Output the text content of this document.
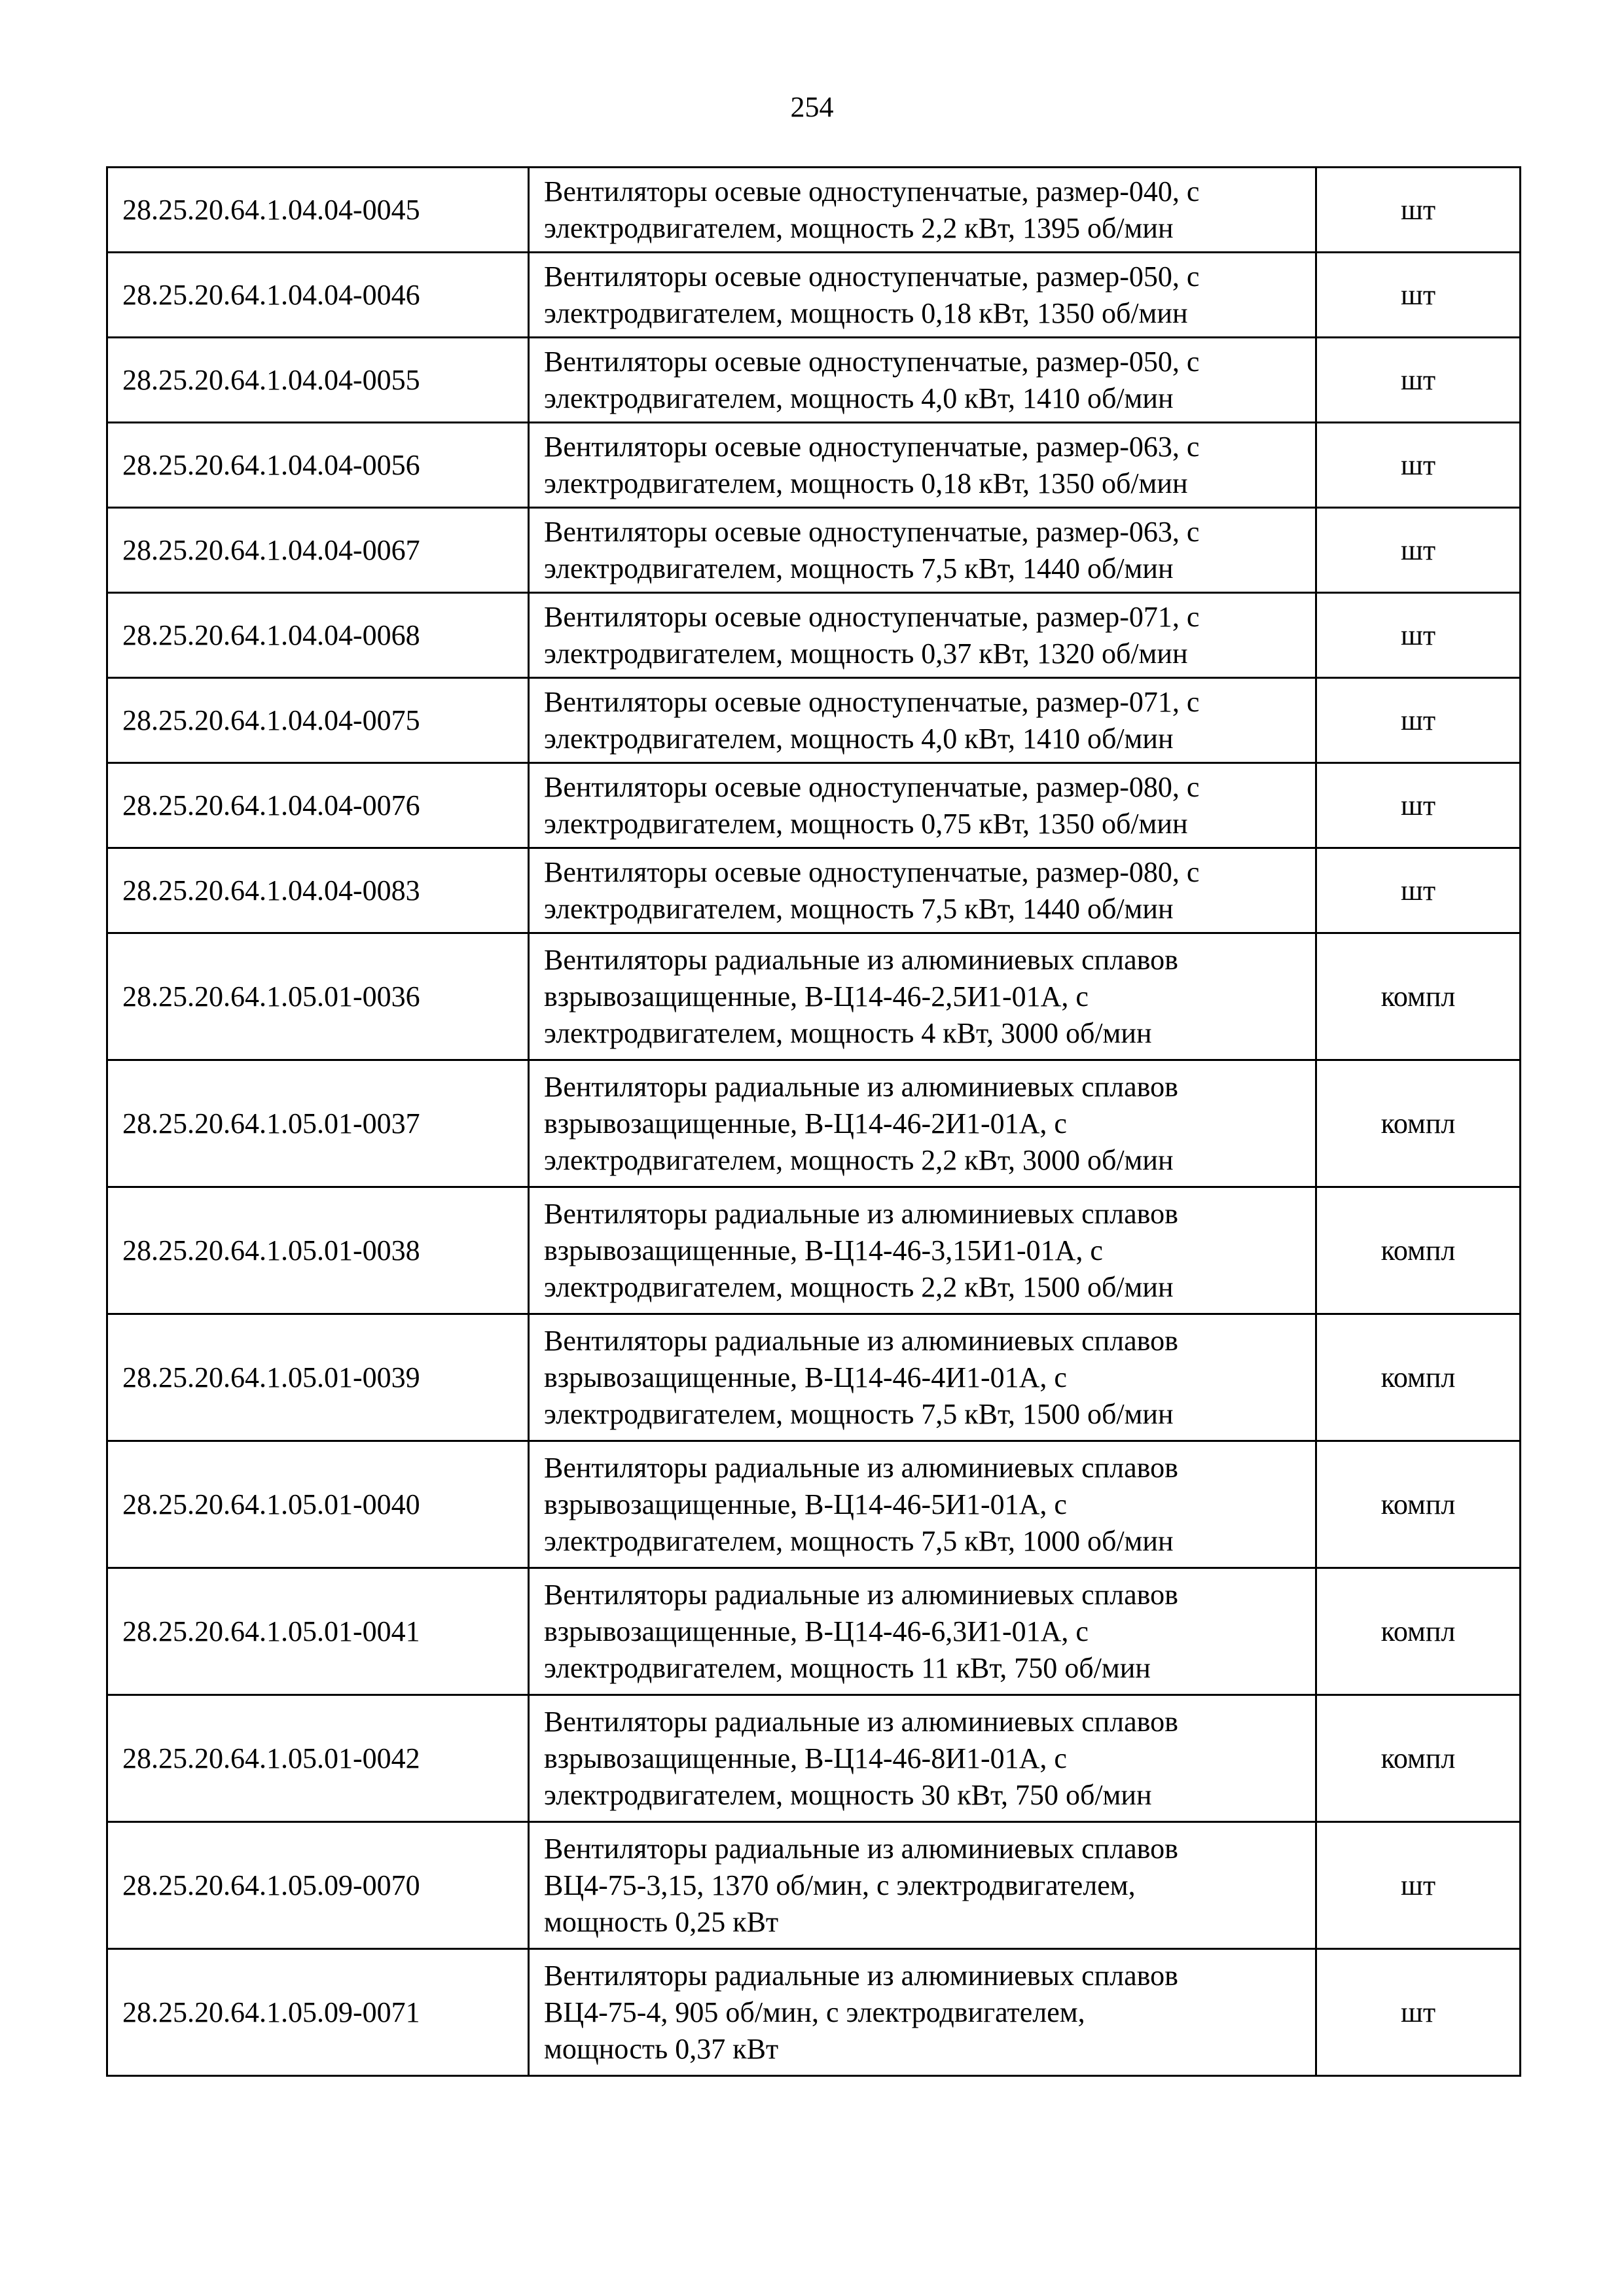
254
28.25.20.64.1.04.04-0045	Вентиляторы осевые одноступенчатые, размер-040, с
электродвигателем, мощность 2,2 кВт, 1395 об/мин	шт
28.25.20.64.1.04.04-0046	Вентиляторы осевые одноступенчатые, размер-050, с
электродвигателем, мощность 0,18 кВт, 1350 об/мин	шт
28.25.20.64.1.04.04-0055	Вентиляторы осевые одноступенчатые, размер-050, с
электродвигателем, мощность 4,0 кВт, 1410 об/мин	шт
28.25.20.64.1.04.04-0056	Вентиляторы осевые одноступенчатые, размер-063, с
электродвигателем, мощность 0,18 кВт, 1350 об/мин	шт
28.25.20.64.1.04.04-0067	Вентиляторы осевые одноступенчатые, размер-063, с
электродвигателем, мощность 7,5 кВт, 1440 об/мин	шт
28.25.20.64.1.04.04-0068	Вентиляторы осевые одноступенчатые, размер-071, с
электродвигателем, мощность 0,37 кВт, 1320 об/мин	шт
28.25.20.64.1.04.04-0075	Вентиляторы осевые одноступенчатые, размер-071, с
электродвигателем, мощность 4,0 кВт, 1410 об/мин	шт
28.25.20.64.1.04.04-0076	Вентиляторы осевые одноступенчатые, размер-080, с
электродвигателем, мощность 0,75 кВт, 1350 об/мин	шт
28.25.20.64.1.04.04-0083	Вентиляторы осевые одноступенчатые, размер-080, с
электродвигателем, мощность 7,5 кВт, 1440 об/мин	шт
28.25.20.64.1.05.01-0036	Вентиляторы радиальные из алюминиевых сплавов
взрывозащищенные, В-Ц14-46-2,5И1-01А, с
электродвигателем, мощность 4 кВт, 3000 об/мин	компл
28.25.20.64.1.05.01-0037	Вентиляторы радиальные из алюминиевых сплавов
взрывозащищенные, В-Ц14-46-2И1-01А, с
электродвигателем, мощность 2,2 кВт, 3000 об/мин	компл
28.25.20.64.1.05.01-0038	Вентиляторы радиальные из алюминиевых сплавов
взрывозащищенные, В-Ц14-46-3,15И1-01А, с
электродвигателем, мощность 2,2 кВт, 1500 об/мин	компл
28.25.20.64.1.05.01-0039	Вентиляторы радиальные из алюминиевых сплавов
взрывозащищенные, В-Ц14-46-4И1-01А, с
электродвигателем, мощность 7,5 кВт, 1500 об/мин	компл
28.25.20.64.1.05.01-0040	Вентиляторы радиальные из алюминиевых сплавов
взрывозащищенные, В-Ц14-46-5И1-01А, с
электродвигателем, мощность 7,5 кВт, 1000 об/мин	компл
28.25.20.64.1.05.01-0041	Вентиляторы радиальные из алюминиевых сплавов
взрывозащищенные, В-Ц14-46-6,3И1-01А, с
электродвигателем, мощность 11 кВт, 750 об/мин	компл
28.25.20.64.1.05.01-0042	Вентиляторы радиальные из алюминиевых сплавов
взрывозащищенные, В-Ц14-46-8И1-01А, с
электродвигателем, мощность 30 кВт, 750 об/мин	компл
28.25.20.64.1.05.09-0070	Вентиляторы радиальные из алюминиевых сплавов
ВЦ4-75-3,15, 1370 об/мин, с электродвигателем,
мощность 0,25 кВт	шт
28.25.20.64.1.05.09-0071	Вентиляторы радиальные из алюминиевых сплавов
ВЦ4-75-4, 905 об/мин, с электродвигателем,
мощность 0,37 кВт	шт
